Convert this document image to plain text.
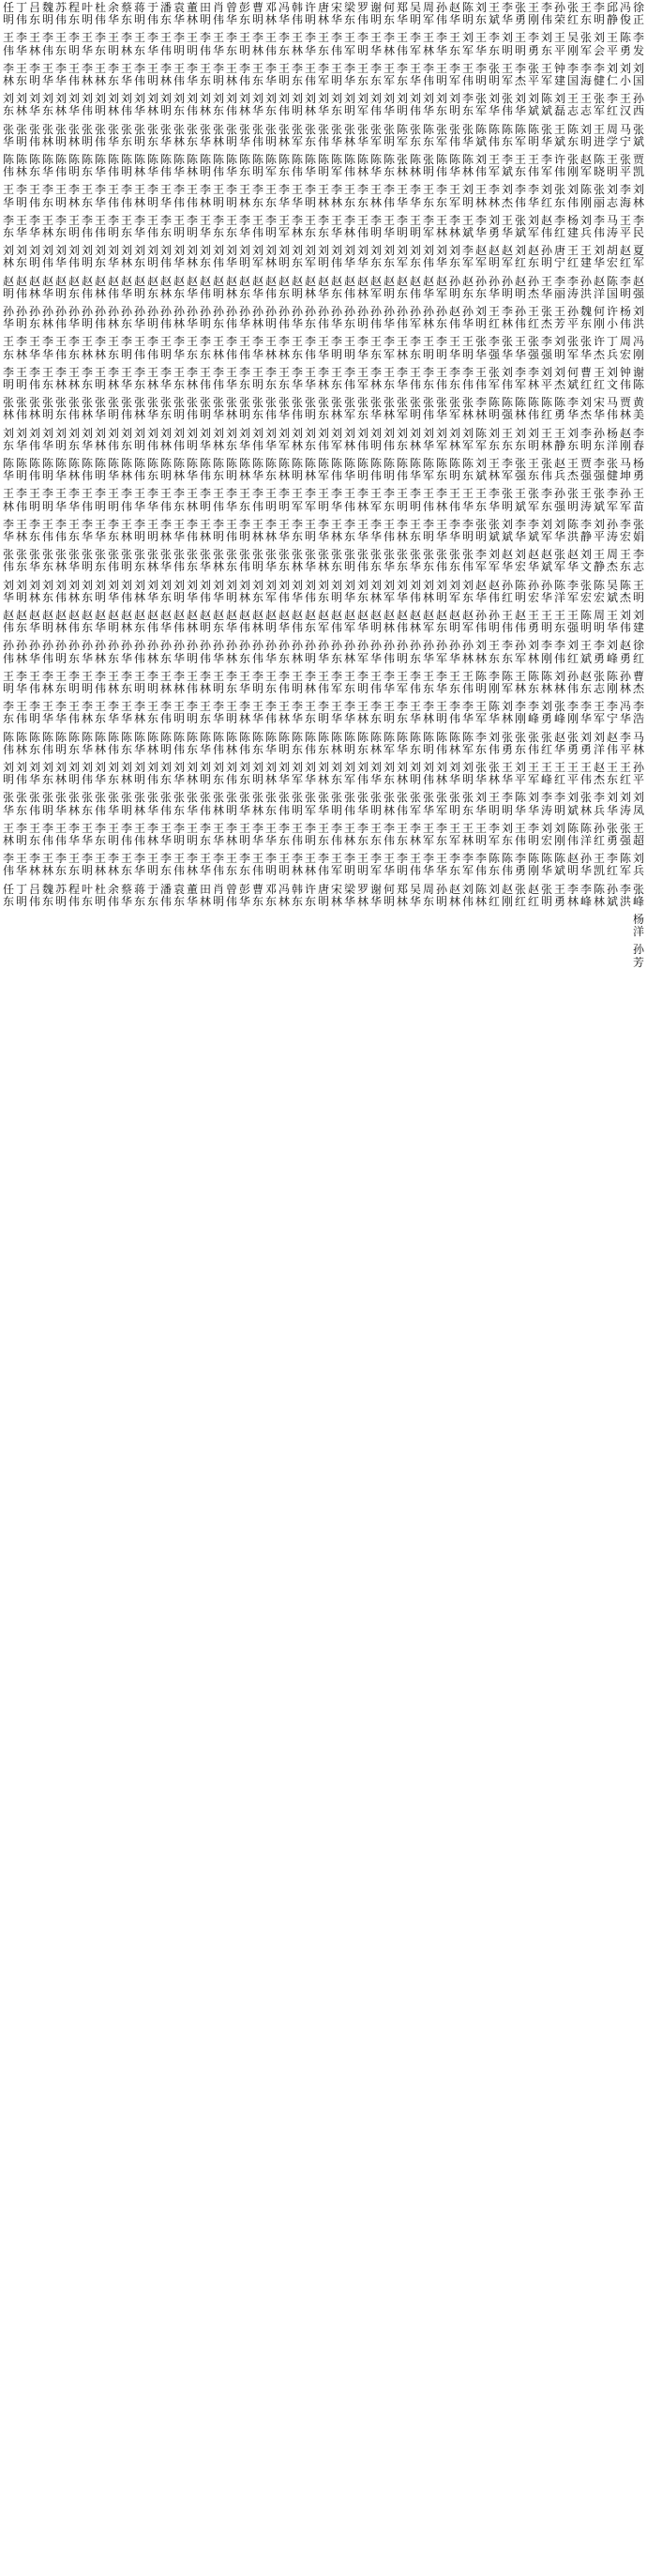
徐正
李发
刘国
孙西
张斌
贾凯
刘林
李民
夏军
赵强
刘洪
冯刚
谢陈
黄美
李春
杨勇
王苗
张娟
李志
王明
刘建
徐红
曹杰
李浩
马林
孙平
刘凤
王超
刘兵
张峰
杨洋
孙芳
冯俊
陈勇
刘小
王汉
马宁
张平
李海
王平
赵红
李明
杨伟
周宏
钟伟
贾林
赵刚
马坤
孙军
李宏
王东
陈杰
刘伟
赵勇
孙林
冯华
李平
王红
刘涛
张强
陈军
李洪
邱静
王平
刘仁
李红
周学
王明
刘志
马涛
胡宏
陈国
许小
丁兵
刘文
马伟
杨洋
张健
李军
孙涛
周杰
吴斌
王华
刘峰
陈刚
李宁
赵伟
王东
刘华
张勇
李红
孙斌
李明
刘会
李健
张军
王进
陈晓
张丽
李伟
刘华
赵洋
何刚
许杰
王红
宋华
孙东
李强
张斌
刘平
王静
陈宏
周明
李勇
张志
王军
刘洋
赵杰
李兵
孙红
王凯
陈林
王东
张军
李海
王志
刘明
赵军
陈刚
刘兵
王建
孙洪
魏东
张华
曹红
刘杰
李明
贾强
王涛
李静
刘文
张宏
陈明
王斌
赵东
李华
刘勇
王伟
张林
陈洋
孙华
李峰
张红
吴刚
李国
王志
陈东
张刚
刘伟
杨建
王红
李涛
孙平
张军
何斌
李华
刘东
王杰
张明
陈洪
赵华
李军
王强
刘红
孙伟
李刚
张勇
王平
刘斌
陈伟
赵明
李林
孙荣
王平
钟建
刘磊
王斌
许伟
张东
李红
唐宁
李丽
王芳
刘明
刘杰
陈勇
王静
赵兵
孙强
刘华
张军
陈洋
王东
李伟
刘林
张峰
赵华
王红
李明
刘刚
陈斌
王勇
李伟
刘东
王军
陈斌
张华
李军
刘红
赵伟
孙明
王华
张杰
李强
刘平
陈红
王林
张伟
李东
刘军
赵斌
孙华
王明
李刚
陈林
刘勇
张红
王峰
李涛
刘宏
陈华
张明
王刚
李勇
张平
刘斌
陈明
王伟
李华
刘军
赵东
孙杰
王红
张强
李林
陈伟
刘明
王东
张军
李斌
赵华
孙宏
王勇
刘林
陈东
李峰
张伟
王军
刘华
李明
陈刚
赵红
张勇
王明
李杰
刘华
陈军
王东
李伟
张斌
刘红
赵明
孙伟
王华
李军
陈林
刘东
张强
王斌
李华
刘宏
陈明
赵伟
孙军
王林
李刚
张东
刘平
陈华
王伟
李勇
张红
李华
刘明
王军
张伟
陈东
李斌
刘杰
王华
赵军
孙明
李林
张华
刘伟
陈强
王东
李军
张明
刘斌
赵华
孙红
王伟
李东
陈军
刘林
张勇
王华
李明
刘东
陈伟
赵刚
王斌
李东
张明
刘华
陈伟
王军
李林
刘勇
赵明
孙华
王红
李强
张军
陈明
刘东
王林
李华
张斌
刘军
赵伟
孙明
王东
李刚
陈华
刘伟
张林
王明
李军
陈东
刘红
刘东
王华
李明
张军
陈斌
刘伟
王林
李华
赵军
孙东
刘明
张华
王伟
李林
陈军
刘斌
王东
张明
李军
赵华
孙伟
刘林
陈明
王军
李东
张华
刘华
王明
李伟
陈林
陈明
刘军
王伟
李东
张华
陈林
刘明
王斌
李军
赵东
孙华
王明
李伟
张林
刘军
陈东
王华
李明
张伟
刘东
赵军
孙林
王伟
李华
陈军
刘明
张东
王林
李军
刘伟
赵华
王东
李军
刘明
张伟
陈华
王军
李林
刘东
孙明
赵伟
王华
李东
张军
刘林
陈明
王伟
李华
张东
刘军
赵明
孙华
王东
李伟
陈林
刘华
张明
王军
李东
赵林
孙伟
李华
王明
刘东
张军
陈伟
李东
王林
刘华
赵军
孙东
李明
王伟
张华
刘军
陈东
李林
王华
张伟
刘明
赵东
孙军
李华
王明
陈伟
刘林
张军
李东
王华
孙明
周军
王林
李伟
刘华
陈东
张明
王东
李军
刘伟
赵华
孙林
王明
李东
张伟
刘华
陈军
王伟
李明
张东
刘林
赵军
孙华
王东
李林
陈明
刘伟
张华
王军
李华
周东
吴明
李军
王华
刘伟
张东
陈林
李华
王明
刘东
赵伟
孙军
李东
王伟
张明
刘林
陈华
李明
王东
张华
刘伟
赵林
孙东
李伟
王华
陈东
刘明
张军
李林
王伟
吴华
郑华
王伟
李东
刘明
陈军
张林
王华
李明
刘军
赵东
孙伟
王林
李华
张军
刘东
陈伟
王明
李林
张东
刘华
赵伟
孙明
王军
李东
陈华
刘林
张伟
王东
李明
郑林
何东
李林
王军
刘华
张明
陈东
李伟
王华
刘东
赵明
孙华
李军
王东
张林
刘伟
陈明
李东
王伟
张华
刘军
赵林
孙伟
李华
王明
陈军
刘东
张林
李伟
王华
何明
谢明
王华
李东
刘伟
张军
陈华
王林
李明
刘东
赵军
孙伟
王东
李林
张华
刘明
陈伟
王军
李华
张东
刘林
赵明
孙华
王伟
李东
陈林
刘华
张明
王东
李军
谢华
罗伟
李明
王东
刘军
张华
陈林
李东
王伟
刘华
赵林
孙明
李华
王军
张东
刘伟
陈明
李林
王华
张伟
刘东
赵华
孙军
李明
王林
陈东
刘伟
张华
李东
王明
罗林
梁东
王军
李华
刘明
张林
陈伟
王东
李林
刘华
赵伟
孙东
王明
李伟
张军
刘林
陈华
王伟
李东
张明
刘华
赵军
孙林
王东
李华
陈明
刘军
张伟
王林
李明
梁华
宋华
李伟
王明
刘东
张华
陈军
李林
王华
刘伟
赵东
孙华
李明
王东
张林
刘军
陈伟
李华
王林
张东
刘明
赵伟
孙东
李军
王华
陈林
刘东
张明
李伟
王军
宋林
唐林
王东
李军
刘华
张伟
陈明
王林
李东
刘明
赵华
孙伟
王华
李林
张东
刘伟
陈军
王明
李华
张林
刘东
赵军
孙华
王伟
李明
陈东
刘林
张华
王东
李伟
唐明
许明
李华
王伟
刘林
张东
陈华
李明
王东
刘军
赵林
孙东
李伟
王华
张明
刘东
陈林
李军
王明
张华
刘伟
赵东
孙明
李林
王东
陈伟
刘华
张军
李明
王林
许东
韩伟
王林
李东
刘明
张军
陈伟
王华
李林
刘东
赵明
孙华
王东
李华
张伟
刘林
陈明
王军
李东
张林
刘华
赵伟
孙林
王明
李华
陈东
刘军
张明
王伟
李林
韩东
冯华
李东
王明
刘伟
张林
陈东
李华
王军
刘明
赵东
孙伟
李林
王东
张华
刘军
陈林
李明
王华
张东
刘伟
赵华
孙东
李伟
王林
陈明
刘华
张伟
李东
王明
冯林
邓林
王伟
李华
刘东
张明
陈军
王东
李明
刘林
赵伟
孙明
王林
李东
张伟
刘华
陈东
王明
李林
张华
刘军
赵明
孙华
王东
李伟
陈华
刘林
张东
王华
李明
邓东
曹明
李林
王东
刘华
张伟
陈明
李东
王伟
刘军
赵华
孙林
李华
王明
张东
刘伟
陈华
李伟
王林
张明
刘东
赵林
孙伟
李明
王华
陈东
刘明
张林
李华
王伟
曹东
彭东
王明
李伟
刘林
张华
陈东
王林
李华
刘明
赵东
孙华
王伟
李东
张明
刘华
陈林
王东
李明
张伟
刘林
赵伟
孙东
王华
李林
陈伟
刘东
张华
王明
李东
彭华
曾华
李东
王林
刘伟
张明
陈华
李明
王东
刘华
赵林
孙伟
李伟
王华
张林
刘东
陈明
李华
王伟
张东
刘明
赵华
孙林
李东
王明
陈林
刘伟
张明
李林
王东
曾伟
肖伟
王华
李明
刘东
张林
陈伟
王明
李东
刘伟
赵明
孙东
王林
李伟
张华
刘林
陈东
王伟
李明
张林
刘华
赵东
孙华
王明
李华
陈伟
刘东
张林
王华
李伟
肖明
田明
李伟
王东
刘林
张华
陈明
李林
王华
刘东
赵伟
孙明
李东
王伟
张明
刘华
陈伟
李明
王林
张华
刘伟
赵明
孙伟
李林
王东
陈华
刘明
张伟
李东
王华
田林
董林
王明
李华
刘伟
张东
陈林
王伟
李明
刘林
赵华
孙华
王东
李林
张伟
刘明
陈华
王林
李伟
张东
刘华
赵林
孙明
王伟
李明
陈东
刘林
张华
王明
李林
董华
袁华
李明
王伟
刘东
张林
陈华
李伟
王明
刘华
赵东
孙林
李华
王东
张明
刘伟
陈林
李东
王华
张伟
刘明
赵伟
孙华
李林
王明
陈伟
刘华
张东
李明
王伟
袁东
潘东
王伟
李林
刘明
张华
陈伟
王华
李东
刘伟
赵林
孙伟
王明
李华
张东
刘林
陈明
王伟
李林
张华
刘东
赵华
孙东
王林
李伟
陈明
刘东
张伟
王华
李东
潘伟
于伟
李华
王明
刘林
张东
陈华
李明
王伟
刘明
赵东
孙明
李伟
王林
张华
刘伟
陈东
李华
王明
张林
刘华
赵伟
孙林
李明
王东
陈林
刘伟
张华
李林
王明
于东
蒋明
王东
李伟
刘华
张明
陈林
王林
李华
刘东
赵明
孙华
王伟
李东
张林
刘明
陈伟
王华
李明
张东
刘林
赵东
孙伟
王明
李林
陈华
刘明
张林
王伟
李华
蒋东
蔡东
李林
王华
刘伟
张东
陈明
李伟
王东
刘林
赵华
孙东
李明
王华
张伟
刘东
陈林
李伟
王林
张明
刘伟
赵林
孙华
李东
王华
陈东
刘林
张明
李伟
王东
蔡华
余华
王明
李东
刘林
张华
陈伟
王伟
李明
刘华
赵伟
孙林
王东
李林
张明
刘伟
陈华
王明
李东
张伟
刘华
赵明
孙东
王林
李华
陈伟
刘东
张华
王明
李林
余伟
杜伟
李东
王林
刘明
张伟
陈华
李华
王伟
刘东
赵林
孙伟
李林
王明
张华
刘林
陈明
李明
王华
张东
刘明
赵华
孙林
李伟
王东
陈林
刘华
张伟
李东
王林
杜明
叶明
王华
李林
刘伟
张明
陈东
王东
李伟
刘明
赵伟
孙明
王林
李东
张林
刘华
陈伟
王伟
李华
张明
刘东
赵东
孙华
王明
李林
陈华
刘伟
张东
王华
李明
叶东
程东
李明
王伟
刘华
张林
陈明
李林
王明
刘伟
赵东
孙华
李东
王林
张伟
刘东
陈林
李华
王东
张华
刘林
赵伟
孙东
李明
王伟
陈东
刘明
张林
李华
王东
程伟
苏伟
王东
李华
刘林
张明
陈伟
王明
李东
刘华
赵明
孙伟
王伟
李林
张东
刘明
陈华
王华
李伟
张林
刘伟
赵林
孙明
王东
李华
陈明
刘林
张华
王伟
李东
苏明
魏明
李伟
王华
刘东
张林
陈华
李东
王林
刘伟
赵华
孙林
李华
王东
张明
刘华
陈明
李明
王伟
张东
刘东
赵明
孙伟
李林
王华
陈伟
刘东
张明
李伟
王林
魏东
吕东
王林
李明
刘华
张伟
陈东
王伟
李华
刘明
赵林
孙东
王华
李伟
张林
刘伟
陈伟
王明
李东
张华
刘林
赵华
孙华
王伟
李明
陈东
刘华
张伟
王东
李林
吕伟
丁伟
李华
王东
刘林
张明
陈林
李明
王华
刘东
赵伟
孙明
李林
王明
张伟
刘华
陈明
李伟
王林
张东
刘明
赵东
孙林
李华
王伟
陈林
刘伟
张东
李明
王华
丁明
任明
王伟
李林
刘东
张华
陈伟
王华
李东
刘林
赵明
孙华
王东
李明
张林
刘东
陈华
王林
李华
张伟
刘华
赵伟
孙伟
王明
李东
陈伟
刘明
张华
王林
李伟
任东
